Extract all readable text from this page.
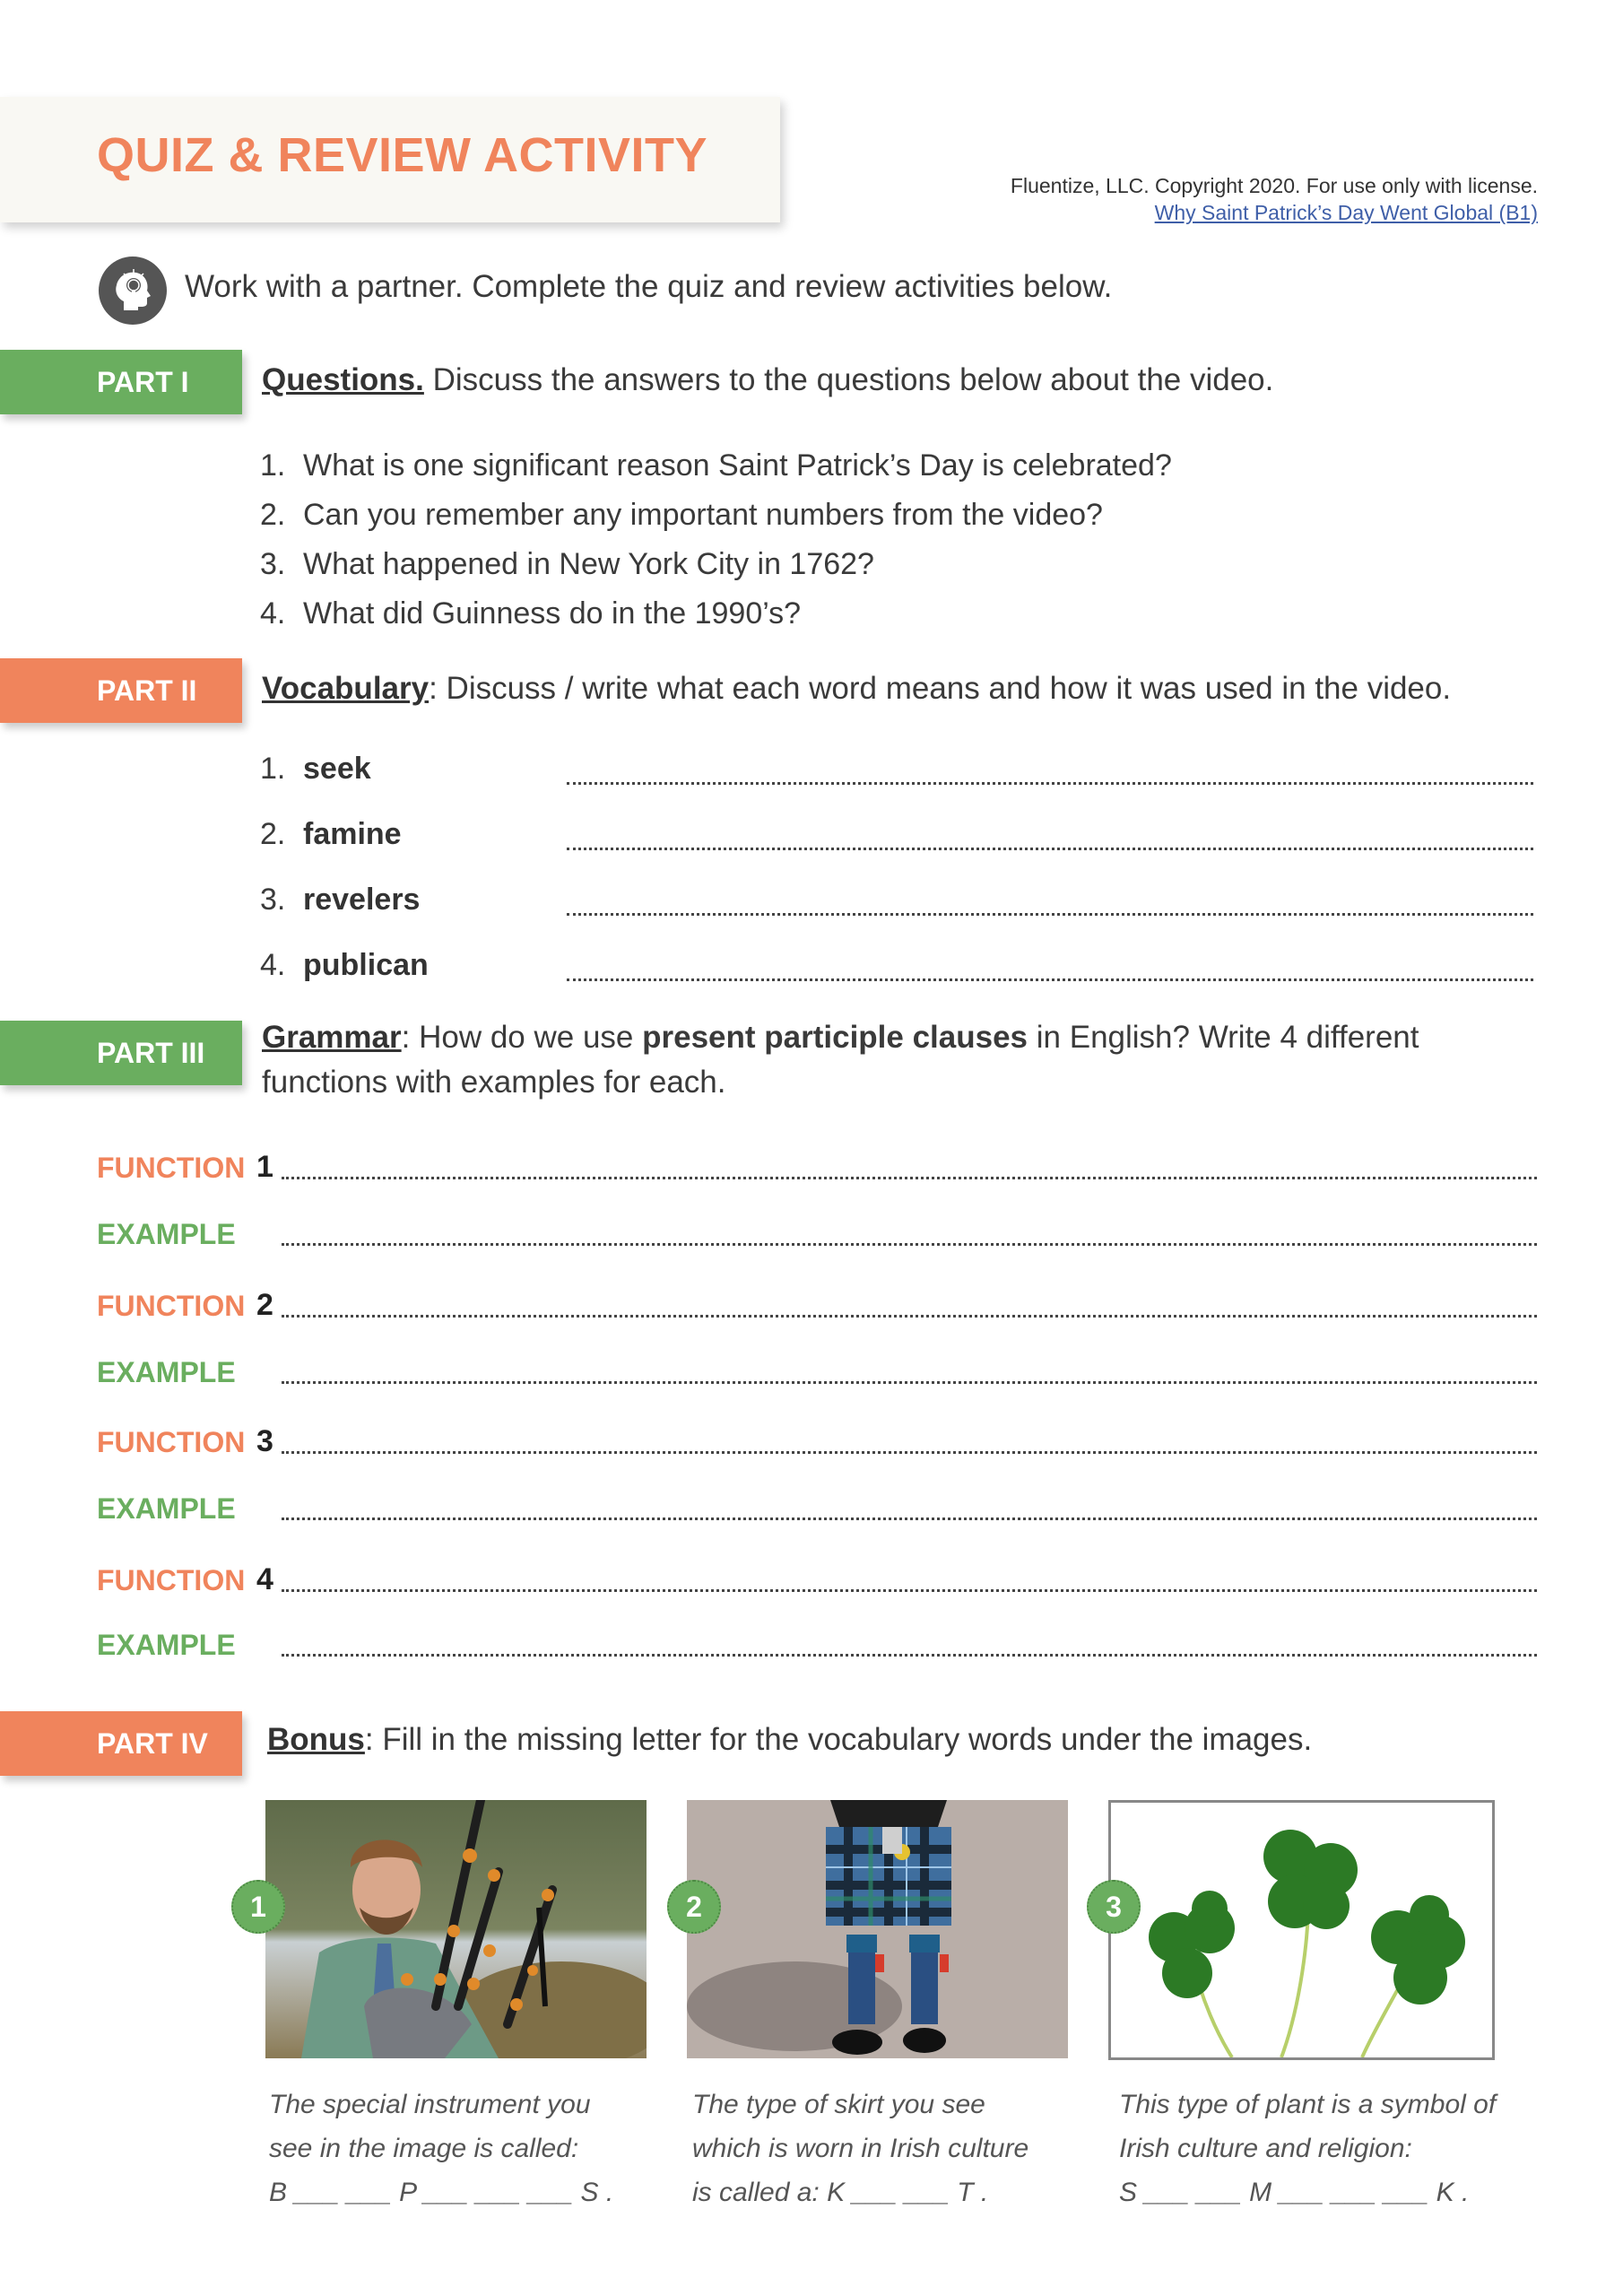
QUIZ & REVIEW ACTIVITY
Fluentize, LLC. Copyright 2020. For use only with license.
Why Saint Patrick’s Day Went Global (B1)
Work with a partner. Complete the quiz and review activities below.
PART I	Questions. Discuss the answers to the questions below about the video.
1. What is one significant reason Saint Patrick’s Day is celebrated?
2. Can you remember any important numbers from the video?
3. What happened in New York City in 1762?
4. What did Guinness do in the 1990’s?
PART II	Vocabulary: Discuss / write what each word means and how it was used in the video.
1. seek
2. famine
3. revelers
4. publican
PART III	Grammar: How do we use present participle clauses in English? Write 4 different
functions with examples for each.
FUNCTION 1
EXAMPLE
FUNCTION 2
EXAMPLE
FUNCTION 3
EXAMPLE
FUNCTION 4
EXAMPLE
PART IV	Bonus: Fill in the missing letter for the vocabulary words under the images.
1	2	3
The special instrument you
see in the image is called:
B ___ ___ P ___ ___ ___ S .
The type of skirt you see
which is worn in Irish culture
is called a: K ___ ___ T .
This type of plant is a symbol of
Irish culture and religion:
S ___ ___ M ___ ___ ___ K .
